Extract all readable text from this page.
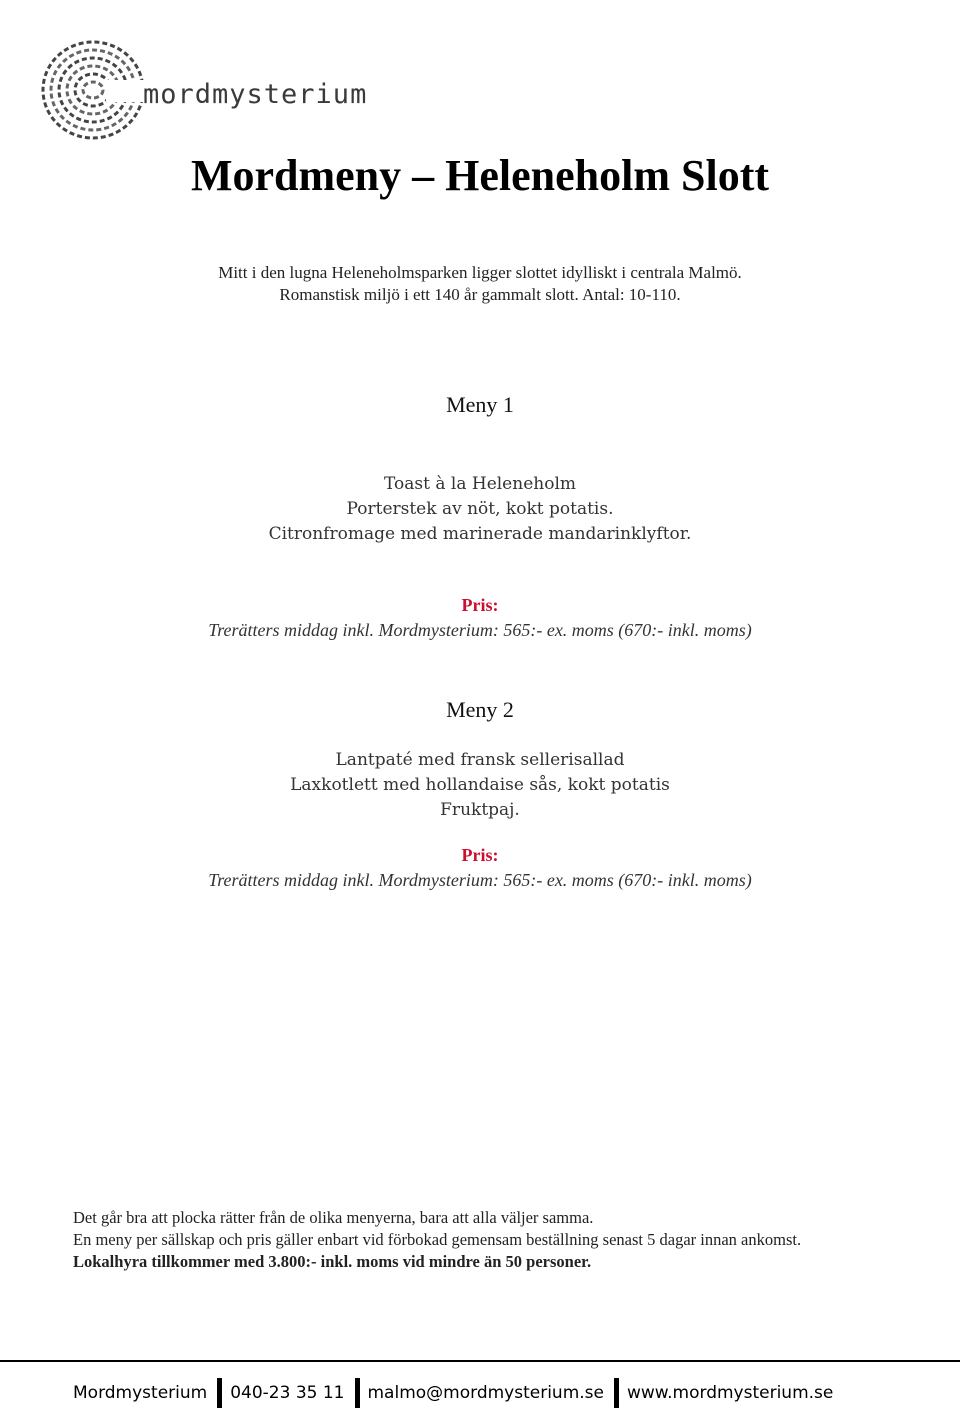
mordmysterium
Mordmeny – Heleneholm Slott
Mitt i den lugna Heleneholmsparken ligger slottet idylliskt i centrala Malmö.
Romanstisk miljö i ett 140 år gammalt slott. Antal: 10-110.
Meny 1
Toast à la Heleneholm
Porterstek av nöt, kokt potatis.
Citronfromage med marinerade mandarinklyftor.
Pris:
Trerätters middag inkl. Mordmysterium: 565:- ex. moms (670:- inkl. moms)
Meny 2
Lantpaté med fransk sellerisallad
Laxkotlett med hollandaise sås, kokt potatis
Fruktpaj.
Pris:
Trerätters middag inkl. Mordmysterium: 565:- ex. moms (670:- inkl. moms)
Det går bra att plocka rätter från de olika menyerna, bara att alla väljer samma.
En meny per sällskap och pris gäller enbart vid förbokad gemensam beställning senast 5 dagar innan ankomst. Lokalhyra tillkommer med 3.800:- inkl. moms vid mindre än 50 personer.
Mordmysterium 040-23 35 11 malmo@mordmysterium.se www.mordmysterium.se
